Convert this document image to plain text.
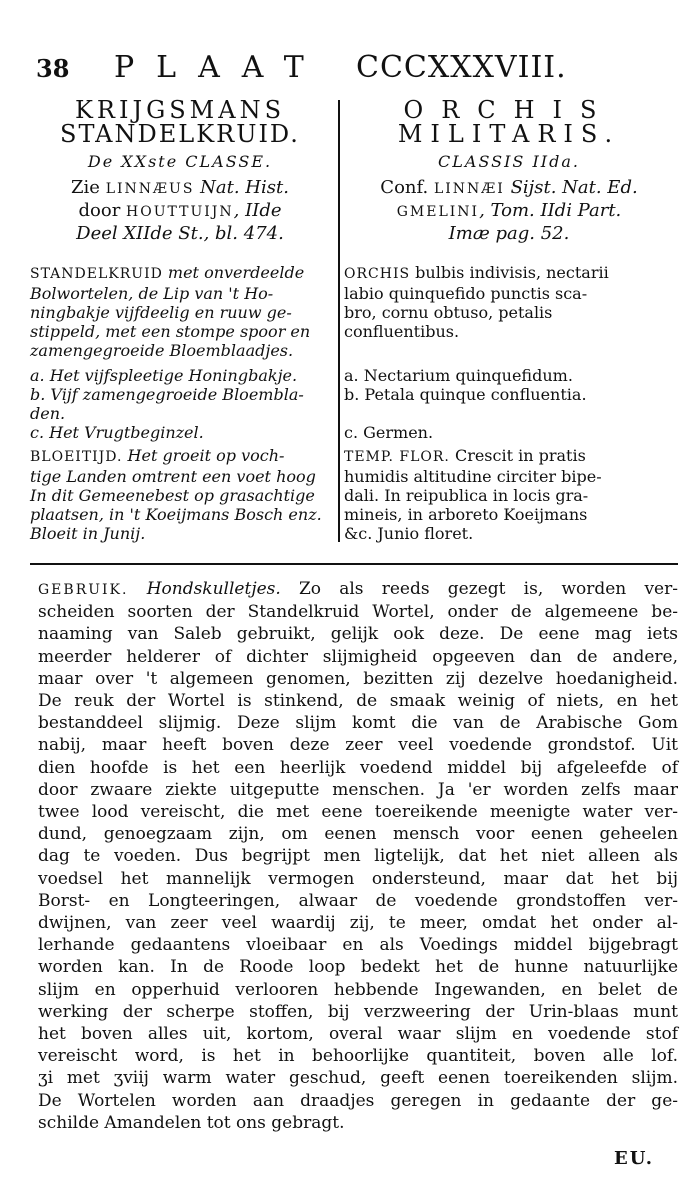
38 PLAAT CCCXXXVIII.

KRIJGSMANS

STANDELKRUID.

De XXste CLASSE.

Zie LINNÆUS Nat. Hist.
door HOUTTUIJN, IIde
Deel XIIde St., bl. 474.
STANDELKRUID met onverdeelde
Bolwortelen, de Lip van 't Ho-
ningbakje vijfdeelig en ruuw ge-
stippeld, met een stompe spoor en
zamengegroeide Bloemblaadjes.
a. Het vijfspleetige Honingbakje.
b. Vijf zamengegroeide Bloembla-
den.
c. Het Vrugtbeginzel.
BLOEITIJD. Het groeit op voch-
tige Landen omtrent een voet hoog
In dit Gemeenebest op grasachtige
plaatsen, in 't Koeijmans Bosch enz.
Bloeit in Junij.

ORCHIS

MILITARIS.

CLASSIS IIda.

Conf. LINNÆI Sijst. Nat. Ed.
GMELINI, Tom. IIdi Part.
Imæ pag. 52.
ORCHIS bulbis indivisis, nectarii
labio quinquefido punctis sca-
bro, cornu obtuso, petalis
confluentibus.

a. Nectarium quinquefidum.
b. Petala quinque confluentia.

c. Germen.
TEMP. FLOR. Crescit in pratis
humidis altitudine circiter bipe-
dali. In reipublica in locis gra-
mineis, in arboreto Koeijmans
&c. Junio floret.
GEBRUIK. Hondskulletjes. Zo als reeds gezegt is, worden ver-
scheiden soorten der Standelkruid Wortel, onder de algemeene be-
naaming van Saleb gebruikt, gelijk ook deze. De eene mag iets
meerder helderer of dichter slijmigheid opgeeven dan de andere,
maar over 't algemeen genomen, bezitten zij dezelve hoedanigheid.
De reuk der Wortel is stinkend, de smaak weinig of niets, en het
bestanddeel slijmig. Deze slijm komt die van de Arabische Gom
nabij, maar heeft boven deze zeer veel voedende grondstof. Uit
dien hoofde is het een heerlijk voedend middel bij afgeleefde of
door zwaare ziekte uitgeputte menschen. Ja 'er worden zelfs maar
twee lood vereischt, die met eene toereikende meenigte water ver-
dund, genoegzaam zijn, om eenen mensch voor eenen geheelen
dag te voeden. Dus begrijpt men ligtelijk, dat het niet alleen als
voedsel het mannelijk vermogen ondersteund, maar dat het bij
Borst- en Longteeringen, alwaar de voedende grondstoffen ver-
dwijnen, van zeer veel waardij zij, te meer, omdat het onder al-
lerhande gedaantens vloeibaar en als Voedings middel bijgebragt
worden kan. In de Roode loop bedekt het de hunne natuurlijke
slijm en opperhuid verlooren hebbende Ingewanden, en belet de
werking der scherpe stoffen, bij verzweering der Urin-blaas munt
het boven alles uit, kortom, overal waar slijm en voedende stof
vereischt word, is het in behoorlijke quantiteit, boven alle lof.
ʒi met ʒviij warm water geschud, geeft eenen toereikenden slijm.
De Wortelen worden aan draadjes geregen in gedaante der ge-
schilde Amandelen tot ons gebragt.
EU.
